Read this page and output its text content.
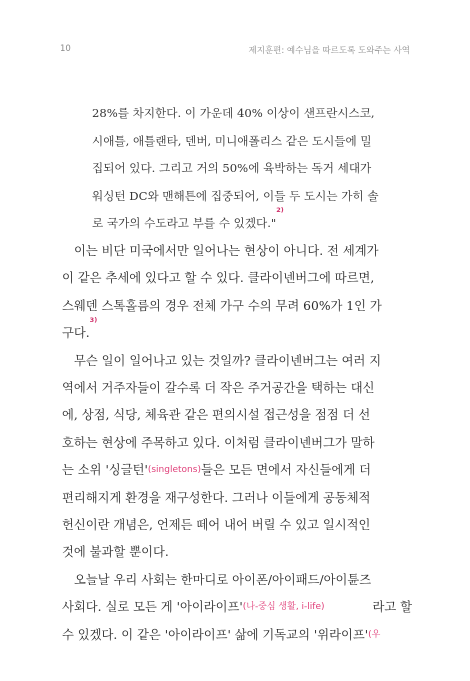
10	제지훈편: 예수님을 따르도록 도와주는 사역
28%를 차지한다. 이 가운데 40% 이상이 샌프란시스코,
시애틀, 애틀랜타, 덴버, 미니애폴리스 같은 도시들에 밀
집되어 있다. 그리고 거의 50%에 육박하는 독거 세대가
워싱턴 DC와 맨해튼에 집중되어, 이들 두 도시는 가히 솔
로 국가의 수도라고 부를 수 있겠다."
2)
이는 비단 미국에서만 일어나는 현상이 아니다. 전 세계가
이 같은 추세에 있다고 할 수 있다. 클라이넨버그에 따르면,
스웨덴 스톡홀름의 경우 전체 가구 수의 무려 60%가 1인 가
구다.
3)
무슨 일이 일어나고 있는 것일까? 클라이넨버그는 여러 지
역에서 거주자들이 갈수록 더 작은 주거공간을 택하는 대신
에, 상점, 식당, 체육관 같은 편의시설 접근성을 점점 더 선
호하는 현상에 주목하고 있다. 이처럼 클라이넨버그가 말하
는 소위 '싱글턴' (singletons) 들은 모든 면에서 자신들에게 더
편리해지게 환경을 재구성한다. 그러나 이들에게 공동체적
헌신이란 개념은, 언제든 떼어 내어 버릴 수 있고 일시적인
것에 불과할 뿐이다.
오늘날 우리 사회는 한마디로 아이폰/아이패드/아이튠즈
사회다. 실로 모든 게 '아이라이프' (나-중심 생활, i-life)	라고 할
수 있겠다. 이 같은 '아이라이프' 삶에 기독교의 '위라이프' (우
